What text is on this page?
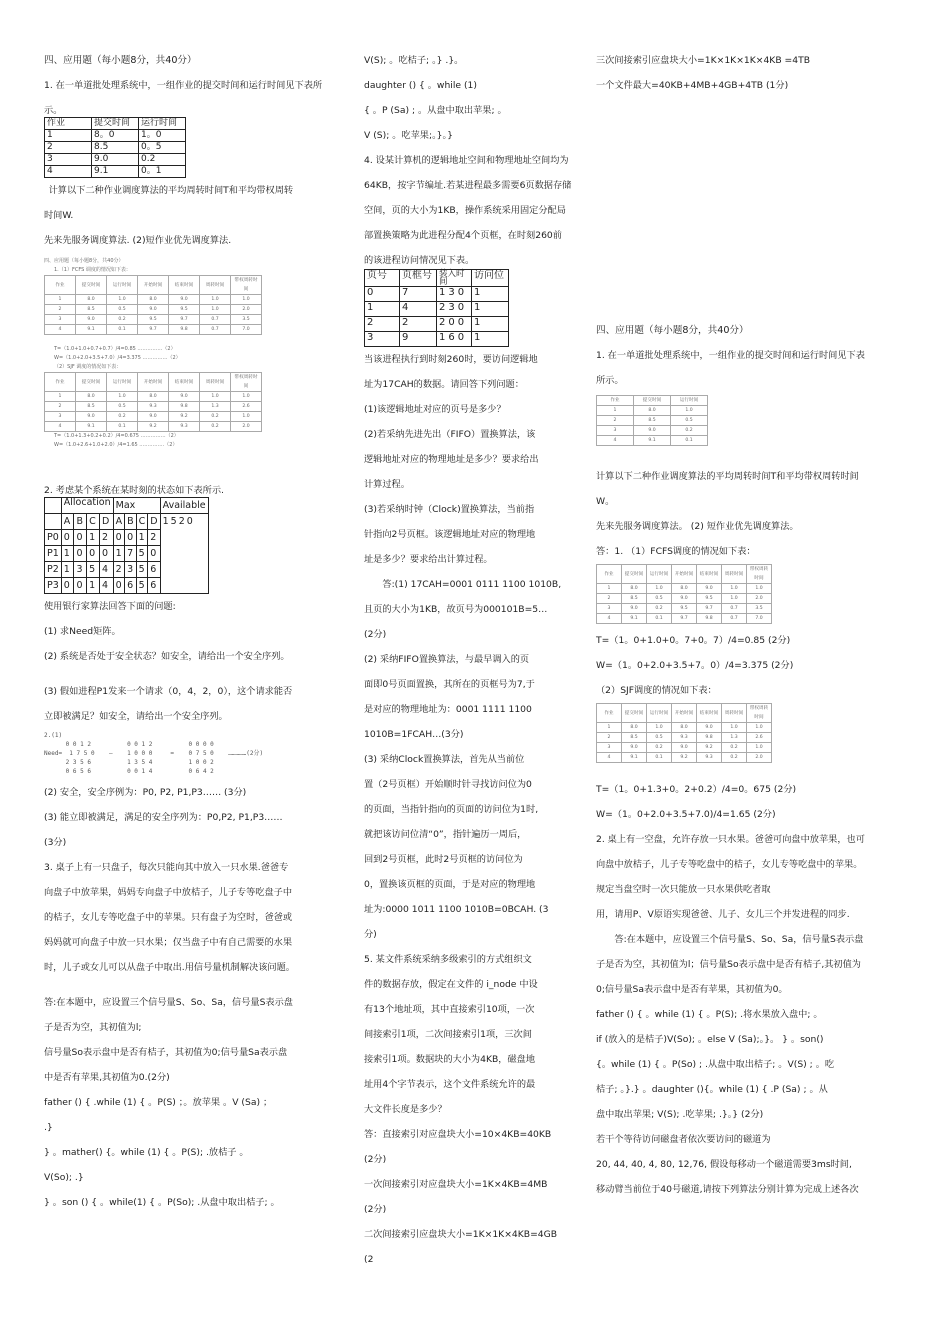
四、应用题（每小题8分，共40分）

1. 在一单道批处理系统中，一组作业的提交时间和运行时间见下表所示。

作业	提交时间	运行时间
1	8。0	1。0
2	8.5	0。5
3	9.0	0.2
4	9.1	0。1

计算以下二种作业调度算法的平均周转时间T和平均带权周转

时间W.

先来先服务调度算法. (2)短作业优先调度算法.

四、应用题（每小题8分，共40分）
1.（1）FCFS 调度的情况如下表：
作业	提交时间	运行时间	开始时间	结束时间	周转时间	带权周转时间
1	8.0	1.0	8.0	9.0	1.0	1.0
2	8.5	0.5	9.0	9.5	1.0	2.0
3	9.0	0.2	9.5	9.7	0.7	3.5
4	9.1	0.1	9.7	9.8	0.7	7.0
T=（1.0+1.0+0.7+0.7）/4=0.85 ……………（2）
W=（1.0+2.0+3.5+7.0）/4=3.375 ……………（2）
（2）SJF 调度的情况如下表：
作业	提交时间	运行时间	开始时间	结束时间	周转时间	带权周转时间
1	8.0	1.0	8.0	9.0	1.0	1.0
2	8.5	0.5	9.3	9.8	1.3	2.6
3	9.0	0.2	9.0	9.2	0.2	1.0
4	9.1	0.1	9.2	9.3	0.2	2.0
T=（1.0+1.3+0.2+0.2）/4=0.675 ……………（2）
W=（1.0+2.6+1.0+2.0）/4=1.65 ……………（2）

2. 考虑某个系统在某时刻的状态如下表所示.

	Allocation				Max				Available
	A	B	C	D	A	B	C	D	1520
P0	0	0	1	2	0	0	1	2	
P1	1	0	0	0	1	7	5	0	
P2	1	3	5	4	2	3	5	6	
P3	0	0	1	4	0	6	5	6	

使用银行家算法回答下面的问题:

(1) 求Need矩阵。

(2) 系统是否处于安全状态？如安全，请给出一个安全序列。

(3) 假如进程P1发来一个请求（0，4，2，0），这个请求能否

立即被满足？如安全，请给出一个安全序列。

2.(1)
0 0 1 2          0 0 1 2          0 0 0 0
Need=  1 7 5 0    —    1 0 0 0     =    0 7 5 0    ……………(2分)
2 3 5 6          1 3 5 4          1 0 0 2
0 6 5 6          0 0 1 4          0 6 4 2

(2) 安全，安全序例为：P0, P2, P1,P3…… (3分)

(3) 能立即被满足，满足的安全序列为：P0,P2, P1,P3……

(3分)

3. 桌子上有一只盘子，每次只能向其中放入一只水果.爸爸专

向盘子中放苹果，妈妈专向盘子中放桔子，儿子专等吃盘子中

的桔子，女儿专等吃盘子中的苹果。只有盘子为空时，爸爸或

妈妈就可向盘子中放一只水果；仅当盘子中有自己需要的水果

时，儿子或女儿可以从盘子中取出.用信号量机制解决该问题。

答:在本题中，应设置三个信号量S、So、Sa，信号量S表示盘

子是否为空，其初值为l;

信号量So表示盘中是否有桔子，其初值为0;信号量Sa表示盘

中是否有苹果,其初值为0.(2分)

father () { .while (1) { 。P(S) ；。放苹果 。V (Sa) ；

.}

} 。mather() {。while (1) { 。P(S); .放桔子 。

V(So); .}

} 。son () { 。while(1) { 。P(So); .从盘中取出桔子; 。

V(S); 。吃桔子; 。} .}。

daughter () { 。while (1)

{ 。P (Sa) ; 。从盘中取出苹果; 。

V (S); 。吃苹果;。}。}

4. 设某计算机的逻辑地址空间和物理地址空间均为

64KB，按字节编址.若某进程最多需要6页数据存储

空间，页的大小为1KB，操作系统采用固定分配局

部置换策略为此进程分配4个页框，在时刻260前

的该进程访问情况见下表。

页号	页框号	装入时间	访问位
0	7	130	1
1	4	230	1
2	2	200	1
3	9	160	1

当该进程执行到时刻260时，要访问逻辑地

址为17CAH的数据。请回答下列问题：

(1)该逻辑地址对应的页号是多少？

(2)若采纳先进先出（FIFO）置换算法，该

逻辑地址对应的物理地址是多少？要求给出

计算过程。

(3)若采纳时钟（Clock)置换算法，当前指

针指向2号页框。该逻辑地址对应的物理地

址是多少？要求给出计算过程。

答:(1) 17CAH=0001 0111 1100 1010B,

且页的大小为1KB，故页号为000101B=5…

(2分)

(2) 采纳FIFO置换算法，与最早调入的页

面即0号页面置换，其所在的页框号为7,于

是对应的物理地址为：0001 1111 1100

1010B=1FCAH…(3分)

(3) 采纳Clock置换算法，首先从当前位

置（2号页框）开始顺时针寻找访问位为0

的页面，当指针指向的页面的访问位为1时,

就把该访问位清“0”，指针遍历一周后，

回到2号页框，此时2号页框的访问位为

0，置换该页框的页面，于是对应的物理地

址为:0000 1011 1100 1010B=0BCAH. (3

分)

5. 某文件系统采纳多级索引的方式组织文

件的数据存放，假定在文件的 i_node 中设

有13个地址项，其中直接索引10项，一次

间接索引1项，二次间接索引1项，三次间

接索引1项。数据块的大小为4KB，磁盘地

址用4个字节表示，这个文件系统允许的最

大文件长度是多少？

答：直接索引对应盘块大小=10×4KB=40KB

(2分)

一次间接索引对应盘块大小=1K×4KB=4MB

(2分)

二次间接索引应盘块大小=1K×1K×4KB=4GB

(2

三次间接索引应盘块大小=1K×1K×1K×4KB =4TB

一个文件最大=40KB+4MB+4GB+4TB (1分)

四、应用题（每小题8分，共40分）

1. 在一单道批处理系统中，一组作业的提交时间和运行时间见下表

所示。

作业	提交时间	运行时间
1	8.0	1.0
2	8.5	0.5
3	9.0	0.2
4	9.1	0.1

计算以下二种作业调度算法的平均周转时间T和平均带权周转时间

W。

先来先服务调度算法。 (2) 短作业优先调度算法。

答：1. （1）FCFS调度的情况如下表：

作业	提交时间	运行时间	开始时间	结束时间	周转时间	带权周转时间
1	8.0	1.0	8.0	9.0	1.0	1.0
2	8.5	0.5	9.0	9.5	1.0	2.0
3	9.0	0.2	9.5	9.7	0.7	3.5
4	9.1	0.1	9.7	9.8	0.7	7.0

T=（1。0+1.0+0。7+0。7）/4=0.85 (2分)

W=（1。0+2.0+3.5+7。0）/4=3.375 (2分)

（2）SJF调度的情况如下表：

作业	提交时间	运行时间	开始时间	结束时间	周转时间	带权周转时间
1	8.0	1.0	8.0	9.0	1.0	1.0
2	8.5	0.5	9.3	9.8	1.3	2.6
3	9.0	0.2	9.0	9.2	0.2	1.0
4	9.1	0.1	9.2	9.3	0.2	2.0

T=（1。0+1.3+0。2+0.2）/4=0。675 (2分)

W=（1。0+2.0+3.5+7.0)/4=1.65 (2分)

2. 桌上有一空盘，允许存放一只水果。爸爸可向盘中放苹果，也可

向盘中放桔子，儿子专等吃盘中的桔子，女儿专等吃盘中的苹果。

规定当盘空时一次只能放一只水果供吃者取

用，请用P、V原语实现爸爸、儿子、女儿三个并发进程的同步.

答:在本题中，应设置三个信号量S、So、Sa，信号量S表示盘

子是否为空，其初值为l；信号量So表示盘中是否有桔子,其初值为

0;信号量Sa表示盘中是否有苹果，其初值为0。

father () { 。while (1) { 。P(S); .将水果放入盘中; 。

if (放入的是桔子)V(So); 。else V (Sa);。}。 } 。son()

{。while (1) { 。P(So) ; .从盘中取出桔子; 。V(S) ; 。吃

桔子; 。}.} 。daughter (){。while (1) { .P (Sa) ; 。从

盘中取出苹果; V(S); .吃苹果; .}。} (2分)

若干个等待访问磁盘者依次要访问的磁道为

20, 44, 40, 4, 80, 12,76, 假设每移动一个磁道需要3ms时间,

移动臂当前位于40号磁道,请按下列算法分别计算为完成上述各次
